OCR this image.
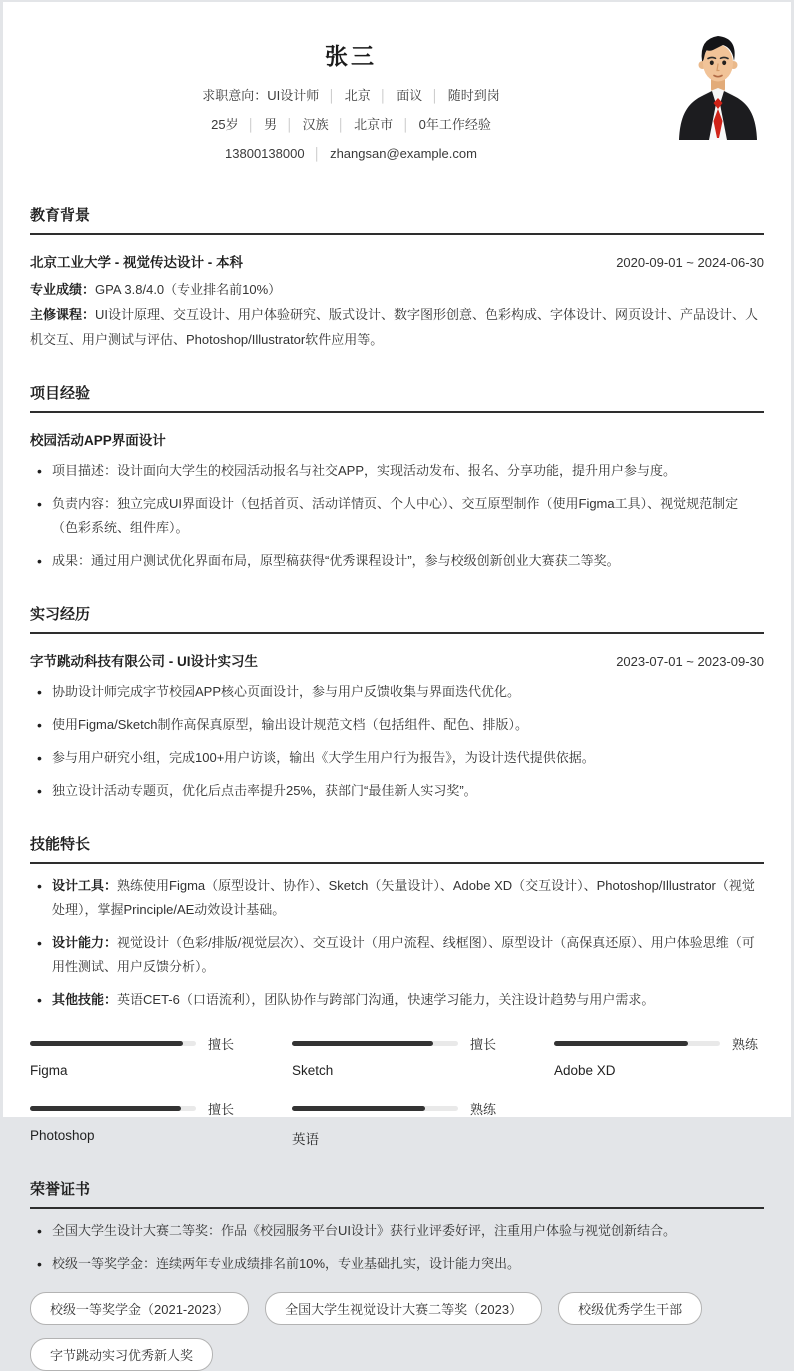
张三
求职意向：UI设计师 │ 北京 │ 面议 │ 随时到岗
25岁 │ 男 │ 汉族 │ 北京市 │ 0年工作经验
13800138000 │ zhangsan@example.com
教育背景
北京工业大学 - 视觉传达设计 - 本科	2020-09-01 ~ 2024-06-30
专业成绩：GPA 3.8/4.0（专业排名前10%）
主修课程：UI设计原理、交互设计、用户体验研究、版式设计、数字图形创意、色彩构成、字体设计、网页设计、产品设计、人机交互、用户测试与评估、Photoshop/Illustrator软件应用等。
项目经验
校园活动APP界面设计
• 项目描述：设计面向大学生的校园活动报名与社交APP，实现活动发布、报名、分享功能，提升用户参与度。
• 负责内容：独立完成UI界面设计（包括首页、活动详情页、个人中心）、交互原型制作（使用Figma工具）、视觉规范制定（色彩系统、组件库）。
• 成果：通过用户测试优化界面布局，原型稿获得“优秀课程设计”，参与校级创新创业大赛获二等奖。
实习经历
字节跳动科技有限公司 - UI设计实习生	2023-07-01 ~ 2023-09-30
• 协助设计师完成字节校园APP核心页面设计，参与用户反馈收集与界面迭代优化。
• 使用Figma/Sketch制作高保真原型，输出设计规范文档（包括组件、配色、排版）。
• 参与用户研究小组，完成100+用户访谈，输出《大学生用户行为报告》，为设计迭代提供依据。
• 独立设计活动专题页，优化后点击率提升25%，获部门“最佳新人实习奖”。
技能特长
• 设计工具：熟练使用Figma（原型设计、协作）、Sketch（矢量设计）、Adobe XD（交互设计）、Photoshop/Illustrator（视觉处理），掌握Principle/AE动效设计基础。
• 设计能力：视觉设计（色彩/排版/视觉层次）、交互设计（用户流程、线框图）、原型设计（高保真还原）、用户体验思维（可用性测试、用户反馈分析）。
• 其他技能：英语CET-6（口语流利），团队协作与跨部门沟通，快速学习能力，关注设计趋势与用户需求。
擅长
Figma
擅长
Sketch
熟练
Adobe XD
擅长
Photoshop
熟练
英语
荣誉证书
• 全国大学生设计大赛二等奖：作品《校园服务平台UI设计》获行业评委好评，注重用户体验与视觉创新结合。
• 校级一等奖学金：连续两年专业成绩排名前10%，专业基础扎实，设计能力突出。
校级一等奖学金（2021-2023）	全国大学生视觉设计大赛二等奖（2023）	校级优秀学生干部
字节跳动实习优秀新人奖
